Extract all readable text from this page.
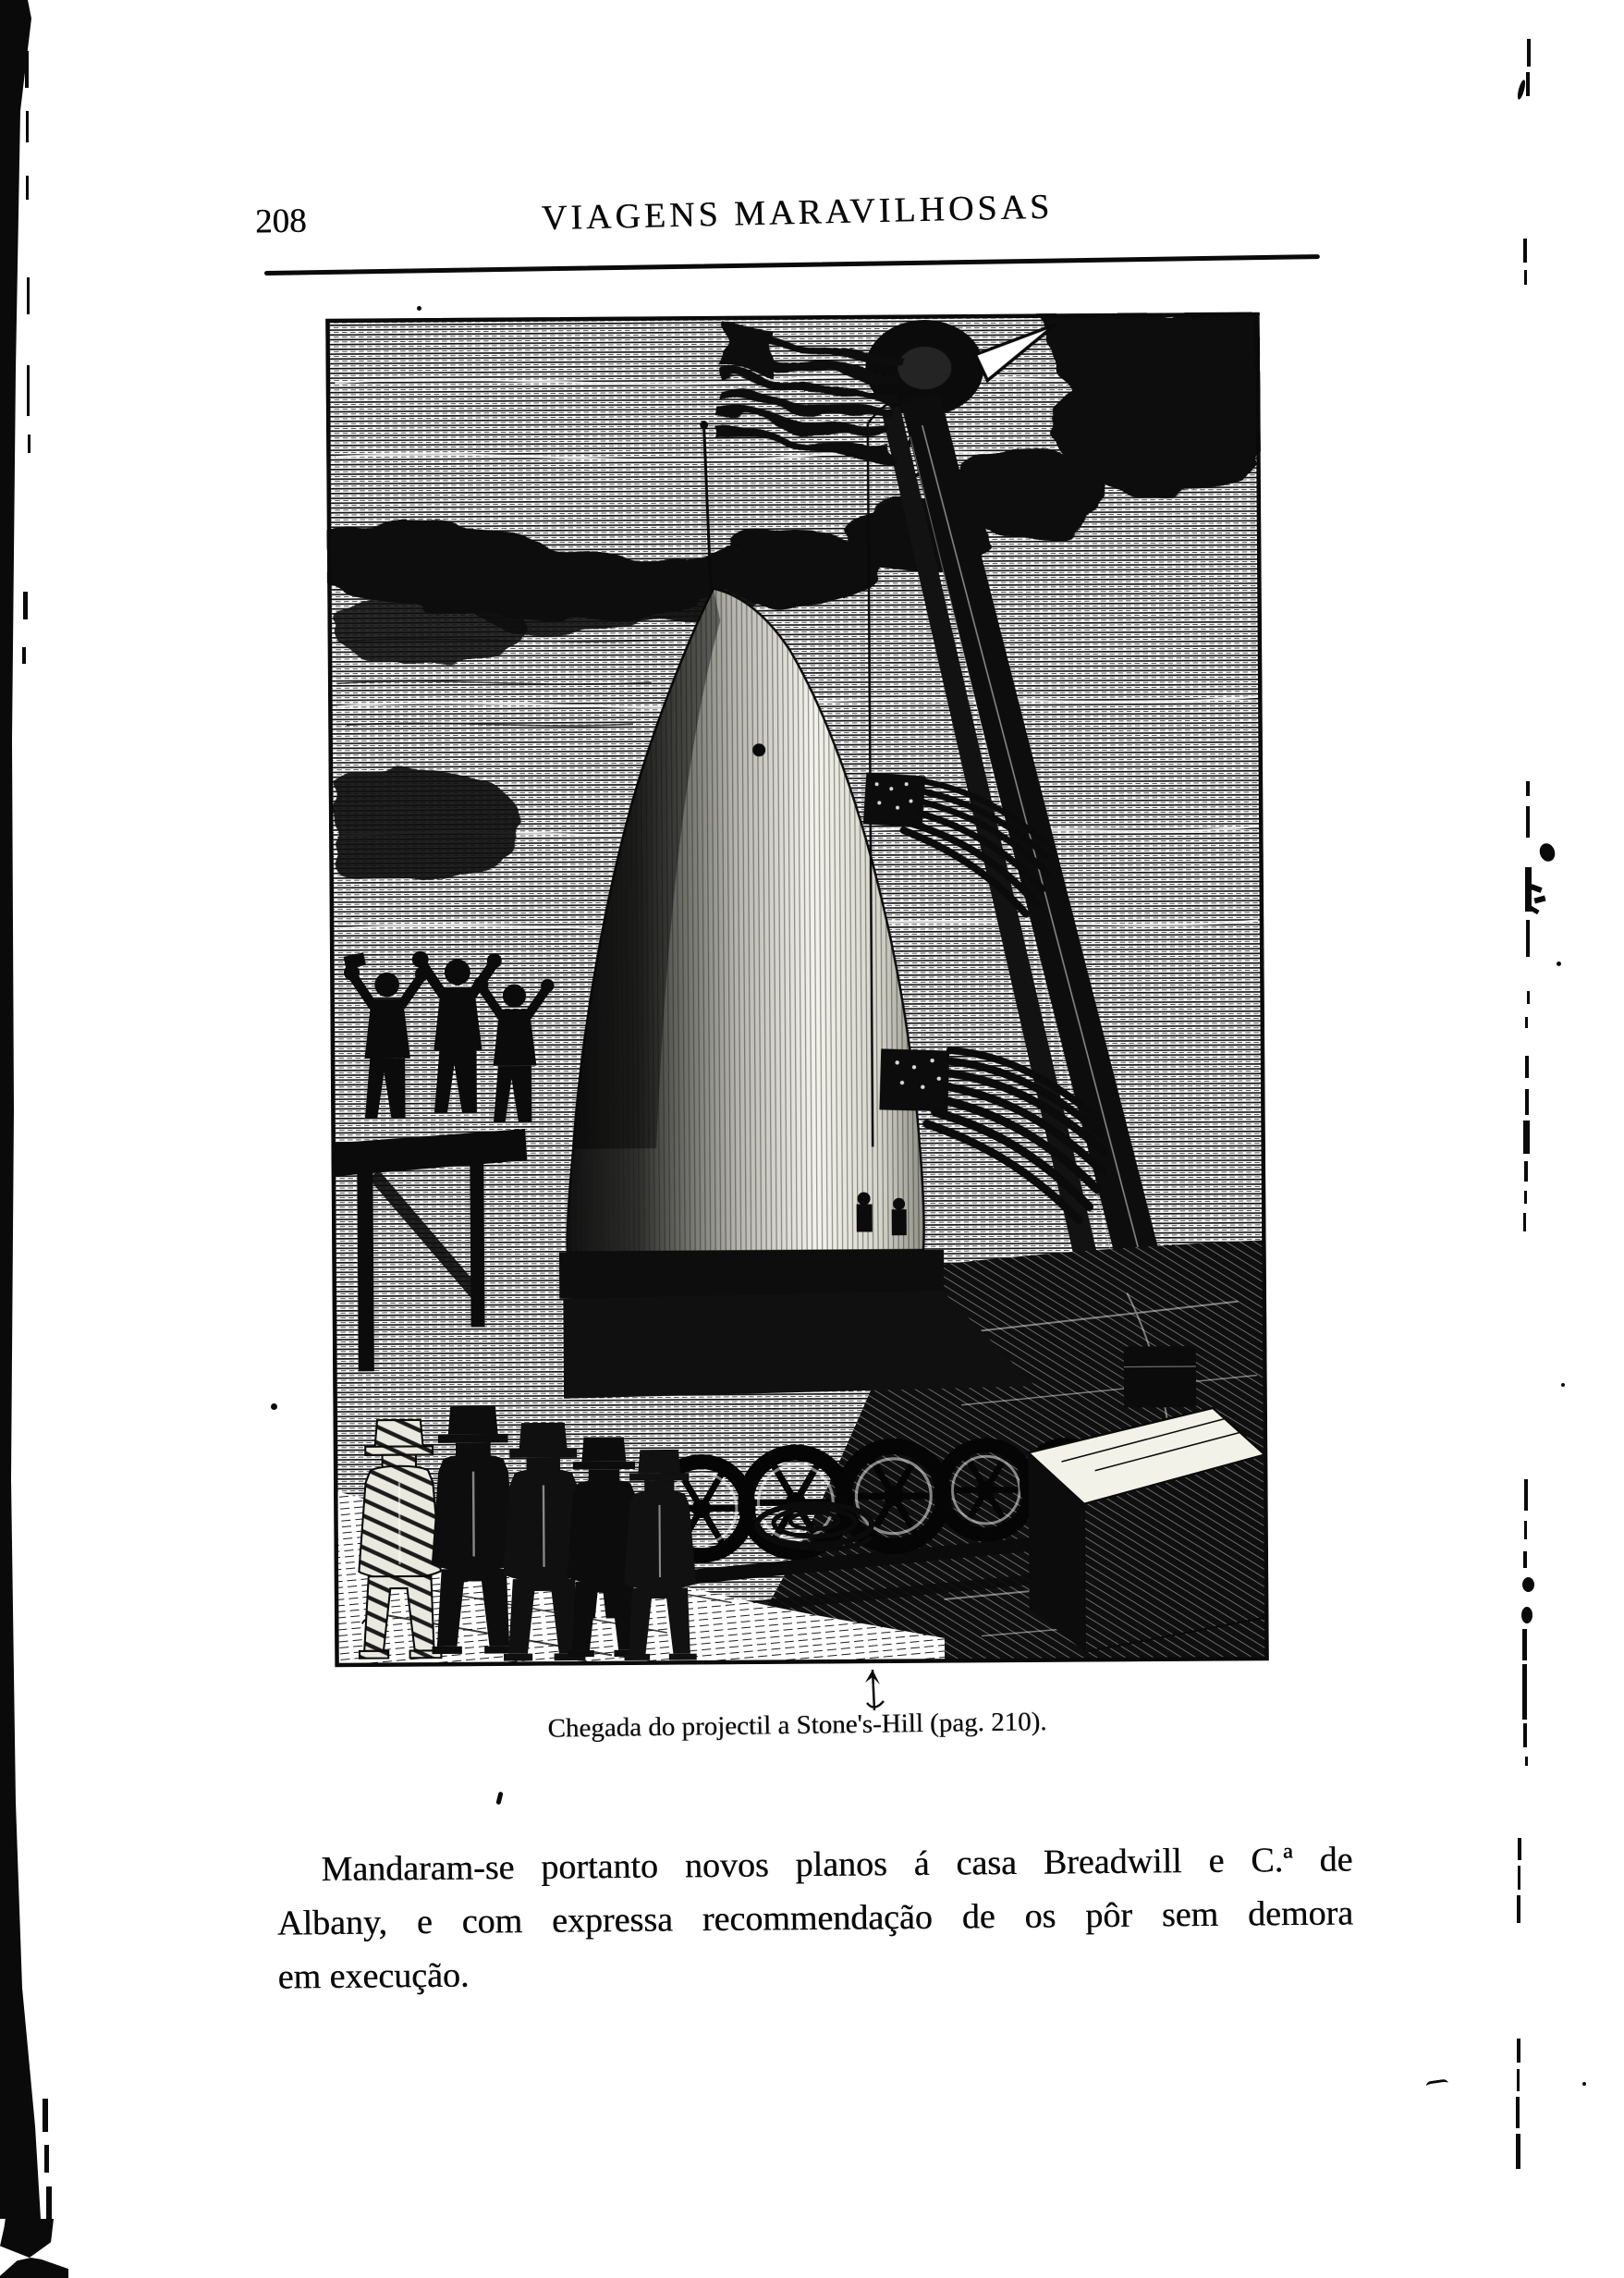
208	VIAGENS MARAVILHOSAS
Chegada do projectil a Stone's-Hill (pag. 210).
Mandaram-se portanto novos planos á casa Breadwill e C.ª de
Albany, e com expressa recommendação de os pôr sem demora
em execução.
